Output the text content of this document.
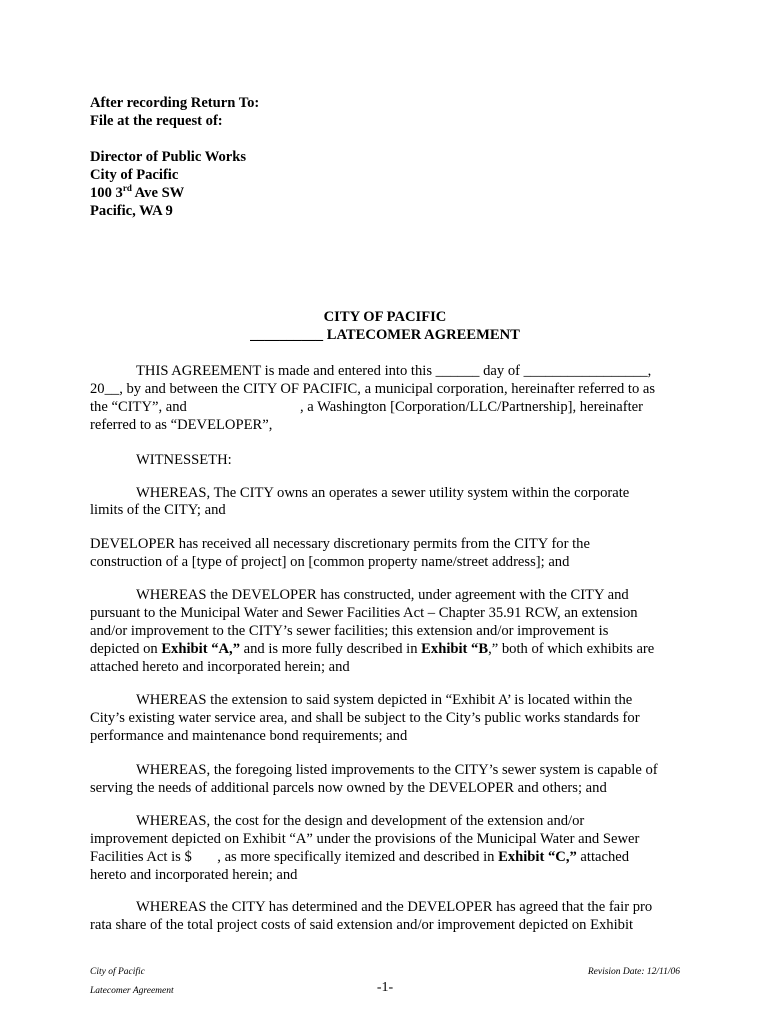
After recording Return To:
File at the request of:
Director of Public Works
City of Pacific
100 3rd Ave SW
Pacific, WA 9
CITY OF PACIFIC
__________ LATECOMER AGREEMENT
THIS AGREEMENT is made and entered into this ______ day of _________________,
20__, by and between the CITY OF PACIFIC, a municipal corporation, hereinafter referred to as
the “CITY”, and                               , a Washington [Corporation/LLC/Partnership], hereinafter
referred to as “DEVELOPER”,
WITNESSETH:
WHEREAS, The CITY owns an operates a sewer utility system within the corporate
limits of the CITY; and
DEVELOPER has received all necessary discretionary permits from the CITY for the
construction of a [type of project] on [common property name/street address]; and
WHEREAS the DEVELOPER has constructed, under agreement with the CITY and
pursuant to the Municipal Water and Sewer Facilities Act – Chapter 35.91 RCW, an extension
and/or improvement to the CITY’s sewer facilities; this extension and/or improvement is
depicted on Exhibit “A,” and is more fully described in Exhibit “B,” both of which exhibits are
attached hereto and incorporated herein; and
WHEREAS the extension to said system depicted in “Exhibit A’ is located within the
City’s existing water service area, and shall be subject to the City’s public works standards for
performance and maintenance bond requirements; and
WHEREAS, the foregoing listed improvements to the CITY’s sewer system is capable of
serving the needs of additional parcels now owned by the DEVELOPER and others; and
WHEREAS, the cost for the design and development of the extension and/or
improvement depicted on Exhibit “A” under the provisions of the Municipal Water and Sewer
Facilities Act is $       , as more specifically itemized and described in Exhibit “C,” attached
hereto and incorporated herein; and
WHEREAS the CITY has determined and the DEVELOPER has agreed that the fair pro
rata share of the total project costs of said extension and/or improvement depicted on Exhibit
City of Pacific
Latecomer Agreement
Revision Date: 12/11/06
-1-
